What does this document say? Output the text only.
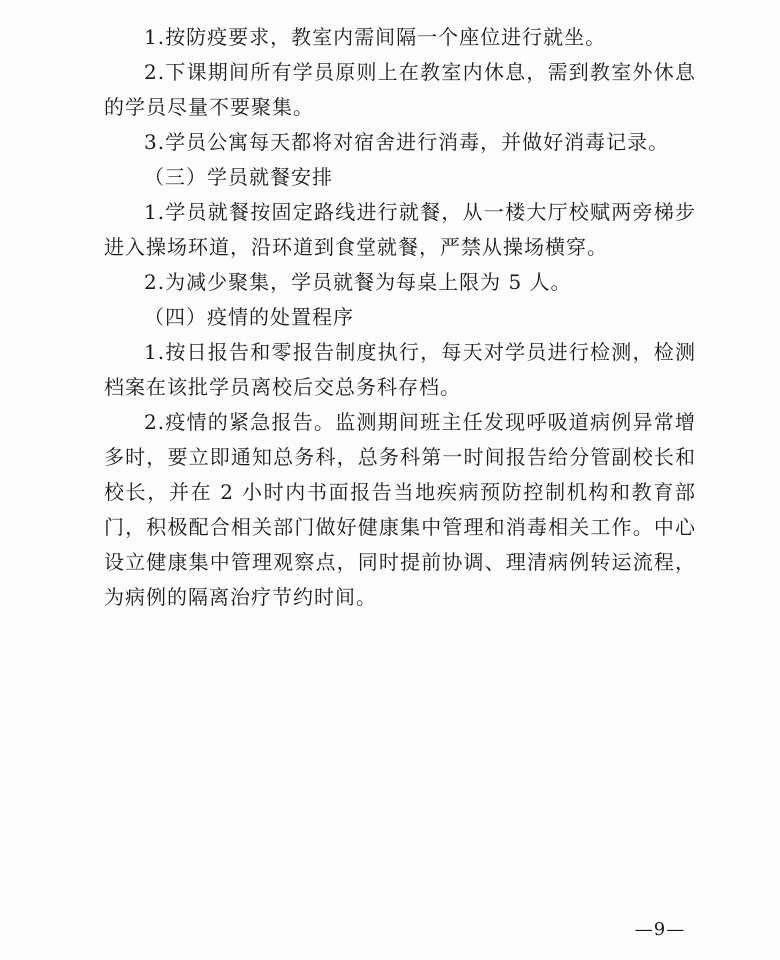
1.按防疫要求，教室内需间隔一个座位进行就坐。

2.下课期间所有学员原则上在教室内休息，需到教室外休息的学员尽量不要聚集。

3.学员公寓每天都将对宿舍进行消毒，并做好消毒记录。

（三）学员就餐安排

1.学员就餐按固定路线进行就餐，从一楼大厅校赋两旁梯步进入操场环道，沿环道到食堂就餐，严禁从操场横穿。

2.为减少聚集，学员就餐为每桌上限为 5 人。

（四）疫情的处置程序

1.按日报告和零报告制度执行，每天对学员进行检测，检测档案在该批学员离校后交总务科存档。

2.疫情的紧急报告。监测期间班主任发现呼吸道病例异常增多时，要立即通知总务科，总务科第一时间报告给分管副校长和校长，并在 2 小时内书面报告当地疾病预防控制机构和教育部门，积极配合相关部门做好健康集中管理和消毒相关工作。中心设立健康集中管理观察点，同时提前协调、理清病例转运流程，为病例的隔离治疗节约时间。

—9—
